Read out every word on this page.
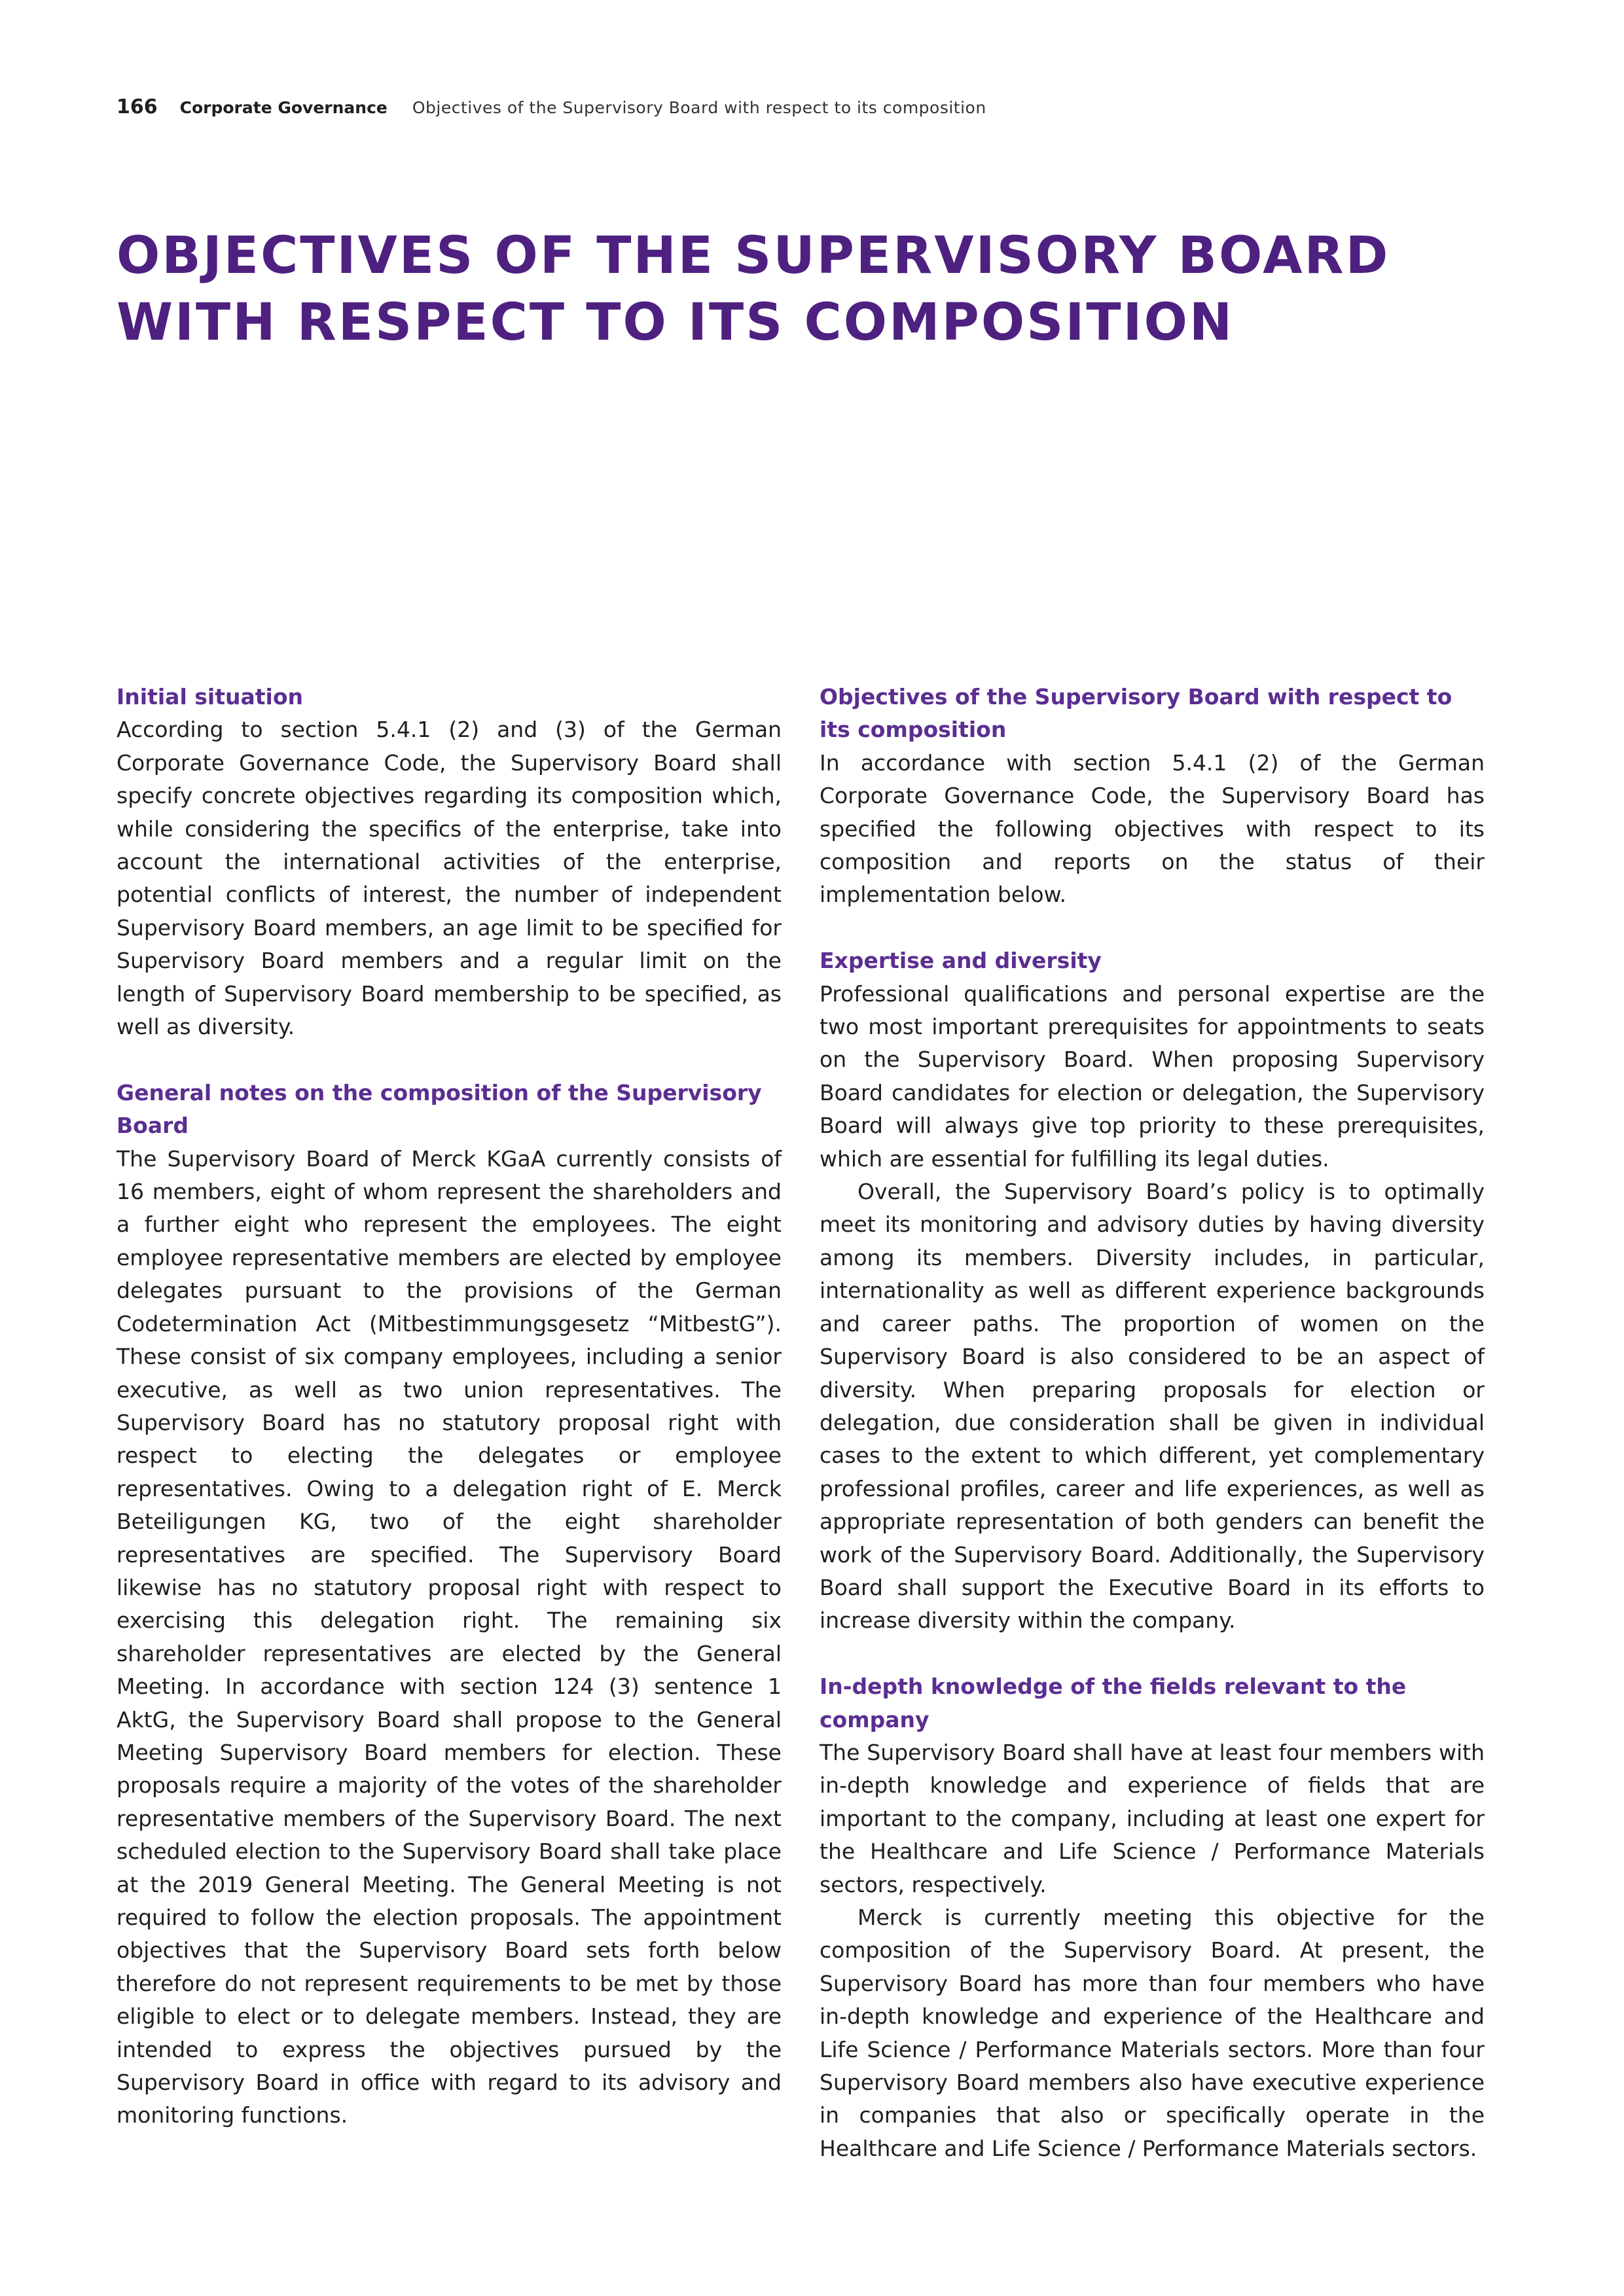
166 Corporate Governance Objectives of the Supervisory Board with respect to its composition
OBJECTIVES OF THE SUPERVISORY BOARD WITH RESPECT TO ITS COMPOSITION
Initial situation

According to section 5.4.1 (2) and (3) of the German Corporate Governance Code, the Supervisory Board shall specify concrete objectives regarding its composition which, while considering the specifics of the enterprise, take into account the international activities of the enterprise, potential conflicts of interest, the number of independent Supervisory Board members, an age limit to be specified for Supervisory Board members and a regular limit on the length of Supervisory Board membership to be specified, as well as diversity.

General notes on the composition of the Supervisory Board

The Supervisory Board of Merck KGaA currently consists of 16 members, eight of whom represent the shareholders and a further eight who represent the employees. The eight employee representative members are elected by employee delegates pursuant to the provisions of the German Codetermination Act (Mitbestimmungsgesetz “MitbestG”). These consist of six company employees, including a senior executive, as well as two union representatives. The Supervisory Board has no statutory proposal right with respect to electing the delegates or employee representatives. Owing to a delegation right of E. Merck Beteiligungen KG, two of the eight shareholder representatives are specified. The Supervisory Board likewise has no statutory proposal right with respect to exercising this delegation right. The remaining six shareholder representatives are elected by the General Meeting. In accordance with section 124 (3) sentence 1 AktG, the Supervisory Board shall propose to the General Meeting Supervisory Board members for election. These proposals require a majority of the votes of the shareholder representative members of the Supervisory Board. The next scheduled election to the Supervisory Board shall take place at the 2019 General Meeting. The General Meeting is not required to follow the election proposals. The appointment objectives that the Supervisory Board sets forth below therefore do not represent requirements to be met by those eligible to elect or to delegate members. Instead, they are intended to express the objectives pursued by the Supervisory Board in office with regard to its advisory and monitoring functions.

Objectives of the Supervisory Board with respect to its composition

In accordance with section 5.4.1 (2) of the German Corporate Governance Code, the Supervisory Board has specified the following objectives with respect to its composition and reports on the status of their implementation below.

Expertise and diversity

Professional qualifications and personal expertise are the two most important prerequisites for appointments to seats on the Supervisory Board. When proposing Supervisory Board candidates for election or delegation, the Supervisory Board will always give top priority to these prerequisites, which are essential for fulfilling its legal duties.

Overall, the Supervisory Board’s policy is to optimally meet its monitoring and advisory duties by having diversity among its members. Diversity includes, in particular, internationality as well as different experience backgrounds and career paths. The proportion of women on the Supervisory Board is also considered to be an aspect of diversity. When preparing proposals for election or delegation, due consideration shall be given in individual cases to the extent to which different, yet complementary professional profiles, career and life experiences, as well as appropriate representation of both genders can benefit the work of the Supervisory Board. Additionally, the Supervisory Board shall support the Executive Board in its efforts to increase diversity within the company.

In-depth knowledge of the fields relevant to the company

The Supervisory Board shall have at least four members with in-depth knowledge and experience of fields that are important to the company, including at least one expert for the Healthcare and Life Science / Performance Materials sectors, respectively.

Merck is currently meeting this objective for the composition of the Supervisory Board. At present, the Supervisory Board has more than four members who have in-depth knowledge and experience of the Healthcare and Life Science / Performance Materials sectors. More than four Supervisory Board members also have executive experience in companies that also or specifically operate in the Healthcare and Life Science / Performance Materials sectors.
